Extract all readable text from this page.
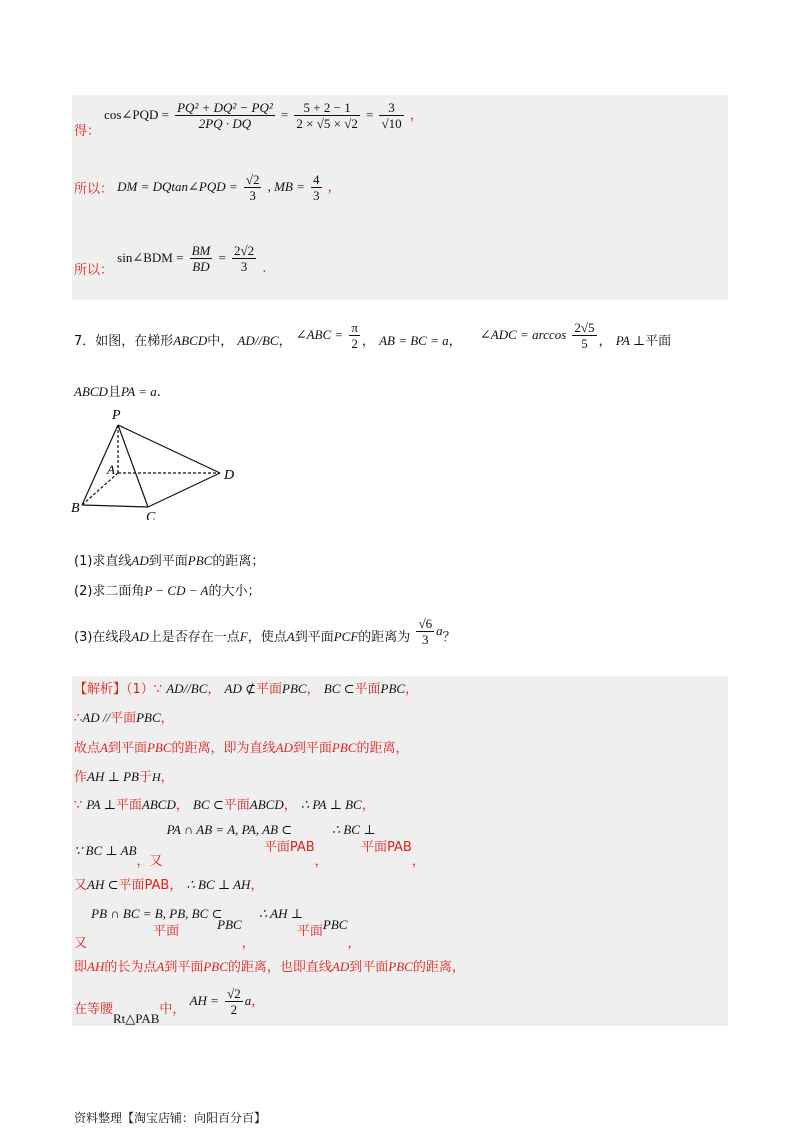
得： cos∠PQD = $\frac{\text{PQ² + DQ² − PQ²}}{2PQ \cdot DQ} = \frac{5 + 2 - 1}{2 \times √5 \times √2} = \frac{3}{√10}$ ，
所以： DM = DQtan∠PQD = $\frac{√2}{3}$ , MB = $\frac{4}{3}$ ，
所以： sin∠BDM = $\frac{BM}{BD} = \frac{2√2}{3}$ .
7．如图，在梯形ABCD中， AD//BC， ∠ABC = $\frac{\pi}{2}$ ， AB = BC = a， ∠ADC = $\arccos \frac{2√5}{5}$ ， PA ⊥平面
ABCD且PA = a.
P
A
B
C
D
(1)求直线AD到平面PBC的距离；
(2)求二面角P − CD − A的大小；
(3)在线段AD上是否存在一点F，使点A到平面PCF的距离为 $\frac{√6}{3}$ a？
【解析】（1）∵ AD//BC， AD ⊄平面PBC， BC ⊂平面PBC，
∴AD //平面PBC，
故点A到平面PBC的距离，即为直线AD到平面PBC的距离，
作AH ⊥ PB于H，
∵ PA ⊥平面ABCD， BC ⊂平面ABCD， ∴ PA ⊥ BC，
∵ BC ⊥ AB，又
PA ∩ AB = A, PA, AB ⊂
平面PAB
，
∴ BC ⊥
平面PAB
，
又AH ⊂平面PAB， ∴ BC ⊥ AH，
又
PB ∩ BC = B, PB, BC ⊂
平面	PBC，
∴ AH ⊥
平面 PBC，
即AH的长为点A到平面PBC的距离，也即直线AD到平面PBC的距离，
在等腰Rt△PAB中， AH = $\frac{√2}{2}$ a，
资料整理【淘宝店铺：向阳百分百】
